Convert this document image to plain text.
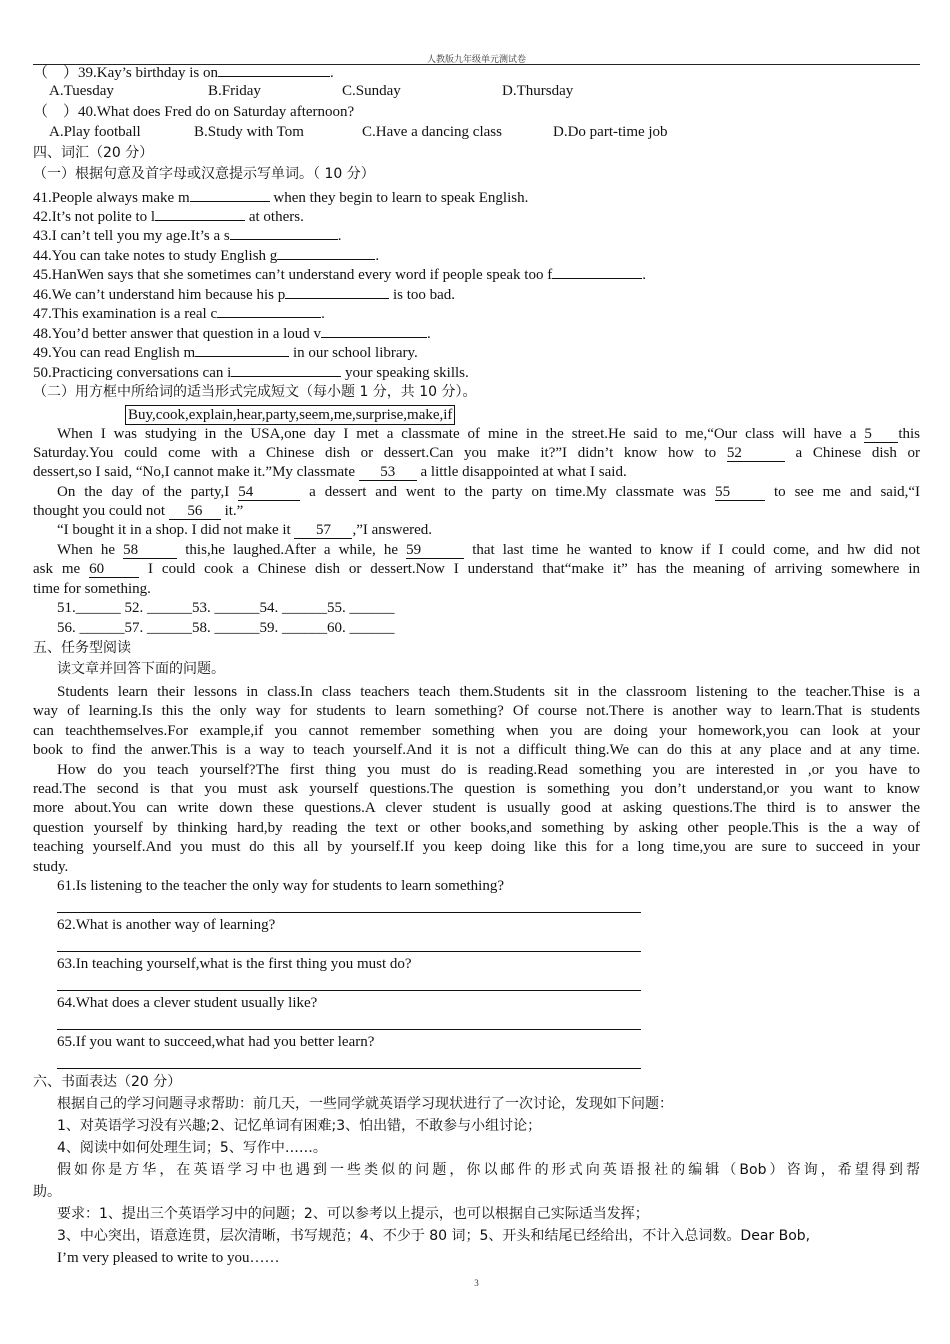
人教版九年级单元测试卷
（　）39.Kay’s birthday is on	.
A.Tuesday	B.Friday	C.Sunday	D.Thursday
（　）40.What does Fred do on Saturday afternoon?
A.Play football	B.Study with Tom	C.Have a dancing class	D.Do part-time job
四、词汇（20 分）
（一）根据句意及首字母或汉意提示写单词。（ 10 分）
41.People always make m	when they begin to learn to speak English.
42.It’s not polite to l	at others.
43.I can’t tell you my age.It’s a s	.
44.You can take notes to study English g	.
45.HanWen says that she sometimes can’t understand every word if people speak too f	.
46.We can’t understand him because his p	is too bad.
47.This examination is a real c	.
48.You’d better answer that question in a loud v	.
49.You can read English m	in our school library.
50.Practicing conversations can i	your speaking skills.
（二）用方框中所给词的适当形式完成短文（每小题 1 分，共 10 分）。
Buy,cook,explain,hear,party,seem,me,surprise,make,if
When I was studying in the USA,one day I met a classmate of mine in the street.He said to me,“Our class will have a 5 this
Saturday.You could come with a Chinese dish or dessert.Can you make it?”I didn’t know how to 52	a Chinese dish or
dessert,so I said, “No,I cannot make it.”My classmate 53 a little disappointed at what I said.
On the day of the party,I 54	a dessert and went to the party on time.My classmate was 55	to see me and said,“I
thought you could not 56 it.”
“I bought it in a shop. I did not make it 57 ,”I answered.
When he 58	this,he laughed.After a while, he 59	that last time he wanted to know if I could come, and hw did not
ask me 60	I could cook a Chinese dish or dessert.Now I understand that“make it” has the meaning of arriving somewhere in
time for something.
51.______ 52. ______53. ______54. ______55. ______
56. ______57. ______58. ______59. ______60. ______
五、任务型阅读
读文章并回答下面的问题。
Students learn their lessons in class.In class teachers teach them.Students sit in the classroom listening to the teacher.Thise is a
way of learning.Is this the only way for students to learn something? Of course not.There is another way to learn.That is students
can teachthemselves.For example,if you cannot remember something when you are doing your homework,you can look at your
book to find the anwer.This is a way to teach yourself.And it is not a difficult thing.We can do this at any place and at any time.
How do you teach yourself?The first thing you must do is reading.Read something you are interested in ,or you have to
read.The second is that you must ask yourself questions.The question is something you don’t understand,or you want to know
more about.You can write down these questions.A clever student is usually good at asking questions.The third is to answer the
question yourself by thinking hard,by reading the text or other books,and something by asking other people.This is the a way of
teaching yourself.And you must do this all by yourself.If you keep doing like this for a long time,you are sure to succeed in your
study.
61.Is listening to the teacher the only way for students to learn something?
62.What is another way of learning?
63.In teaching yourself,what is the first thing you must do?
64.What does a clever student usually like?
65.If you want to succeed,what had you better learn?
六、书面表达（20 分）
根据自己的学习问题寻求帮助：前几天，一些同学就英语学习现状进行了一次讨论，发现如下问题：
1、对英语学习没有兴趣;2、记忆单词有困难;3、怕出错，不敢参与小组讨论；
4、阅读中如何处理生词；5、写作中……。
假如你是方华，在英语学习中也遇到一些类似的问题，你以邮件的形式向英语报社的编辑（Bob）咨询，希望得到帮
助。
要求：1、提出三个英语学习中的问题；2、可以参考以上提示，也可以根据自己实际适当发挥；
3、中心突出，语意连贯，层次清晰，书写规范；4、不少于 80 词；5、开头和结尾已经给出，不计入总词数。Dear Bob,
I’m very pleased to write to you……
3
